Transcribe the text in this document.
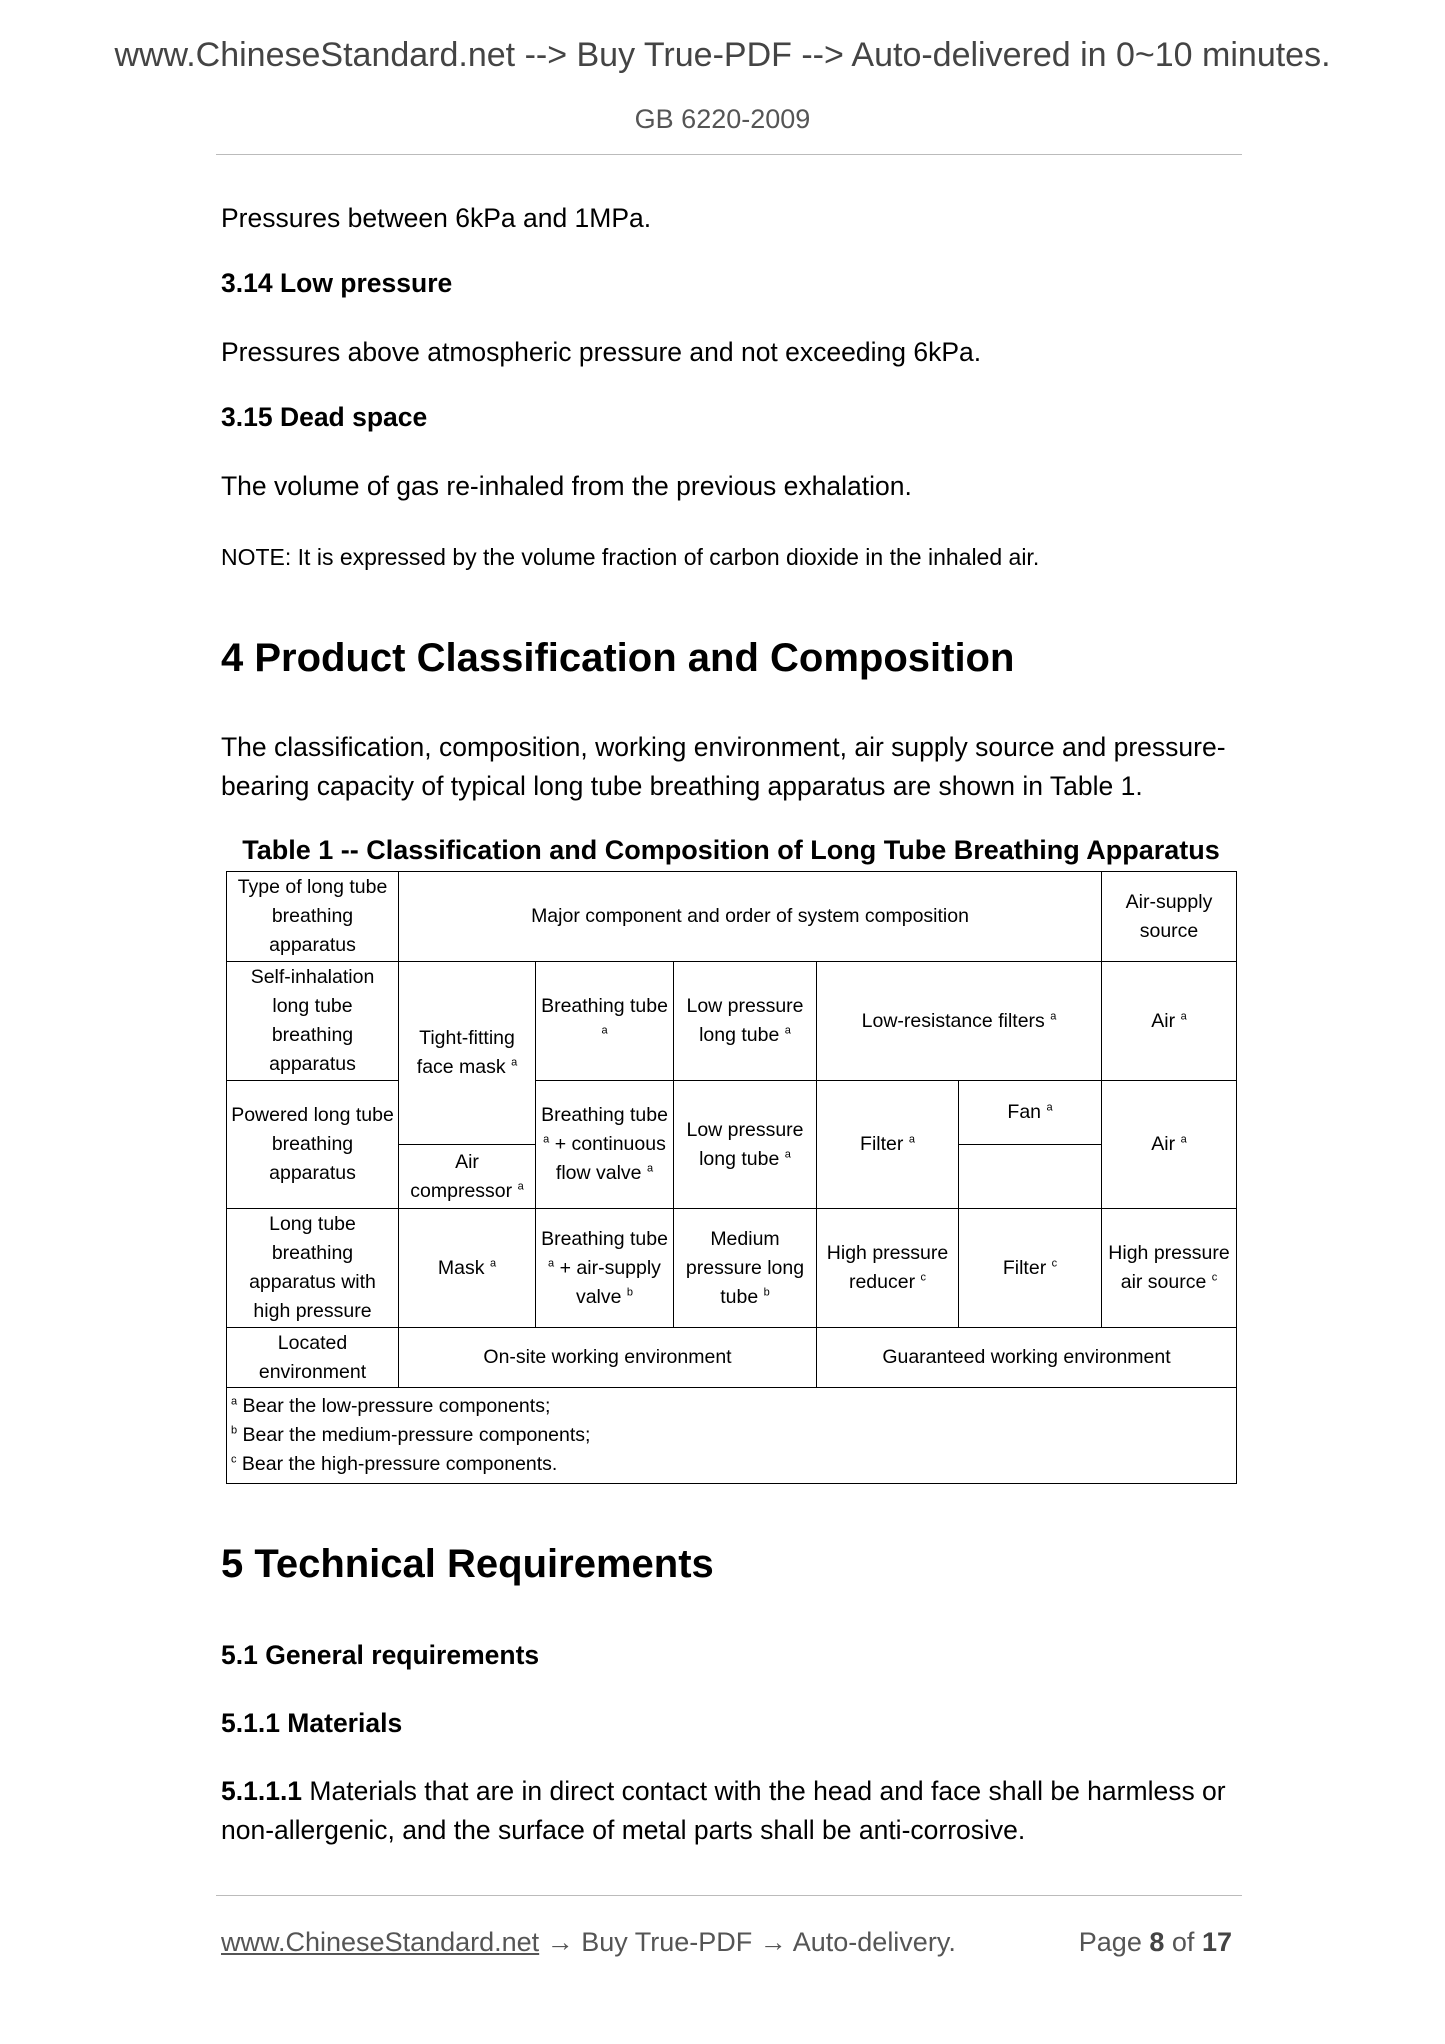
www.ChineseStandard.net --> Buy True-PDF --> Auto-delivered in 0~10 minutes.
GB 6220-2009
Pressures between 6kPa and 1MPa.
3.14 Low pressure
Pressures above atmospheric pressure and not exceeding 6kPa.
3.15 Dead space
The volume of gas re-inhaled from the previous exhalation.
NOTE: It is expressed by the volume fraction of carbon dioxide in the inhaled air.
4 Product Classification and Composition
The classification, composition, working environment, air supply source and pressure-bearing capacity of typical long tube breathing apparatus are shown in Table 1.
Table 1 -- Classification and Composition of Long Tube Breathing Apparatus
Type of long tube breathing apparatus	Major component and order of system composition					Air-supply source
Self-inhalation long tube breathing apparatus	Tight-fitting face mask $^a$	Breathing tube $^a$	Low pressure long tube $^a$	Low-resistance filters $^a$		Air $^a$
Powered long tube breathing apparatus		Breathing tube $^a$ + continuous flow valve $^a$	Low pressure long tube $^a$	Filter $^a$	Fan $^a$	Air $^a$
	Air compressor $^a$
Long tube breathing apparatus with high pressure	Mask $^a$	Breathing tube $^a$ + air-supply valve $^b$	Medium pressure long tube $^b$	High pressure reducer $^c$	Filter $^c$	High pressure air source $^c$
Located environment	On-site working environment			Guaranteed working environment		

$^a$ Bear the low-pressure components;
$^b$ Bear the medium-pressure components;
$^c$ Bear the high-pressure components.						
5 Technical Requirements
5.1 General requirements
5.1.1 Materials
5.1.1.1 Materials that are in direct contact with the head and face shall be harmless or non-allergenic, and the surface of metal parts shall be anti-corrosive.
www.ChineseStandard.net → Buy True-PDF → Auto-delivery.	Page 8 of 17
